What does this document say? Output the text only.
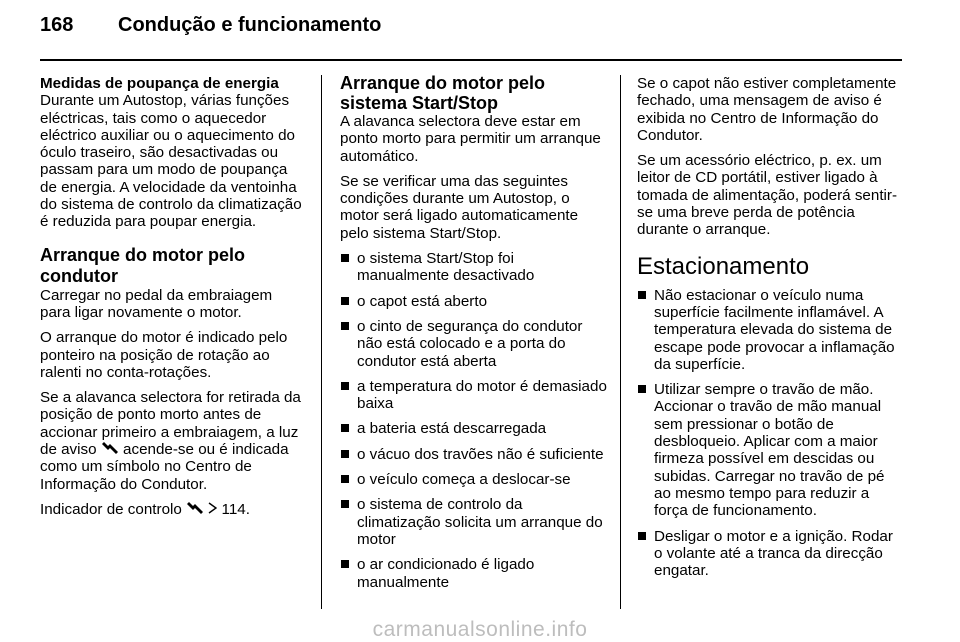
168	Condução e funcionamento
Medidas de poupança de energia

Durante um Autostop, várias funções eléctricas, tais como o aquecedor eléctrico auxiliar ou o aquecimento do óculo traseiro, são desactivadas ou passam para um modo de poupança de energia. A velocidade da ventoinha do sistema de controlo da climatização é reduzida para poupar energia.

Arranque do motor pelo condutor

Carregar no pedal da embraiagem para ligar novamente o motor.

O arranque do motor é indicado pelo ponteiro na posição de rotação ao ralenti no conta-rotações.

Se a alavanca selectora for retirada da posição de ponto morto antes de accionar primeiro a embraiagem, a luz de aviso acende-se ou é indicada como um símbolo no Centro de Informação do Condutor.

Indicador de controlo	114.

Arranque do motor pelo sistema Start/Stop

A alavanca selectora deve estar em ponto morto para permitir um arranque automático.

Se se verificar uma das seguintes condições durante um Autostop, o motor será ligado automaticamente pelo sistema Start/Stop.

o sistema Start/Stop foi manualmente desactivado
o capot está aberto
o cinto de segurança do condutor não está colocado e a porta do condutor está aberta
a temperatura do motor é demasiado baixa
a bateria está descarregada
o vácuo dos travões não é suficiente
o veículo começa a deslocar-se
o sistema de controlo da climatização solicita um arranque do motor
o ar condicionado é ligado manualmente

Se o capot não estiver completamente fechado, uma mensagem de aviso é exibida no Centro de Informação do Condutor.

Se um acessório eléctrico, p. ex. um leitor de CD portátil, estiver ligado à tomada de alimentação, poderá sentir-se uma breve perda de potência durante o arranque.

Estacionamento
Não estacionar o veículo numa superfície facilmente inflamável. A temperatura elevada do sistema de escape pode provocar a inflamação da superfície.
Utilizar sempre o travão de mão. Accionar o travão de mão manual sem pressionar o botão de desbloqueio. Aplicar com a maior firmeza possível em descidas ou subidas. Carregar no travão de pé ao mesmo tempo para reduzir a força de funcionamento.
Desligar o motor e a ignição. Rodar o volante até a tranca da direcção engatar.
carmanualsonline.info
